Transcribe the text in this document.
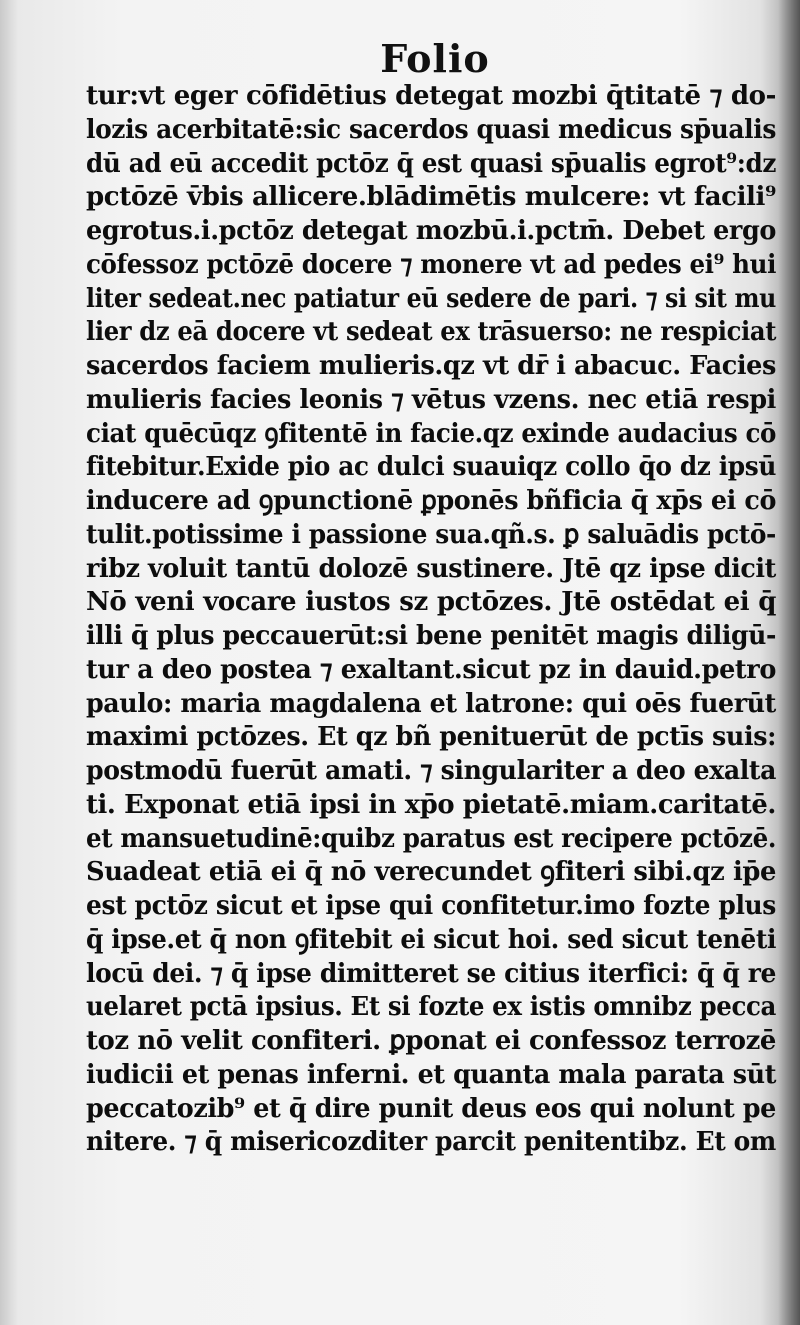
Folio
tur:vt eger cōfidētius detegat mozbi q̄titatē ⁊ do-
lozis acerbitatē:sic sacerdos quasi medicus sp̄ualis
dū ad eū accedit pctōz q̄ est quasi sp̄ualis egrot⁹:dz
pctōzē v̄bis allicere.blādimētis mulcere: vt facili⁹
egrotus.i.pctōz detegat mozbū.i.pctm̄. Debet ergo
cōfessoz pctōzē docere ⁊ monere vt ad pedes ei⁹ hui
liter sedeat.nec patiatur eū sedere de pari. ⁊ si sit mu
lier dz eā docere vt sedeat ex trāsuerso: ne respiciat
sacerdos faciem mulieris.qz vt dr̄ i abacuc. Facies
mulieris facies leonis ⁊ vētus vzens. nec etiā respi
ciat quēcūqz ꝯfitentē in facie.qz exinde audacius cō
fitebitur.Exide pio ac dulci suauiqz collo q̄o dz ipsū
inducere ad ꝯpunctionē ꝑponēs bñficia q̄ xp̄s ei cō
tulit.potissime i passione sua.qñ.s. ꝑ saluādis pctō-
ribz voluit tantū dolozē sustinere. Jtē qz ipse dicit
Nō veni vocare iustos sz pctōzes. Jtē ostēdat ei q̄
illi q̄ plus peccauerūt:si bene penitēt magis diligū-
tur a deo postea ⁊ exaltant.sicut pz in dauid.petro
paulo: maria magdalena et latrone: qui oēs fuerūt
maximi pctōzes. Et qz bñ penituerūt de pctīs suis:
postmodū fuerūt amati. ⁊ singulariter a deo exalta
ti. Exponat etiā ipsi in xp̄o pietatē.miam.caritatē.
et mansuetudinē:quibz paratus est recipere pctōzē.
Suadeat etiā ei q̄ nō verecundet ꝯfiteri sibi.qz ip̄e
est pctōz sicut et ipse qui confitetur.imo fozte plus
q̄ ipse.et q̄ non ꝯfitebit ei sicut hoi. sed sicut tenēti
locū dei. ⁊ q̄ ipse dimitteret se citius iterfici: q̄ q̄ re
uelaret pctā ipsius. Et si fozte ex istis omnibz pecca
toz nō velit confiteri. ꝑponat ei confessoz terrozē
iudicii et penas inferni. et quanta mala parata sūt
peccatozib⁹ et q̄ dire punit deus eos qui nolunt pe
nitere. ⁊ q̄ misericozditer parcit penitentibz. Et om
